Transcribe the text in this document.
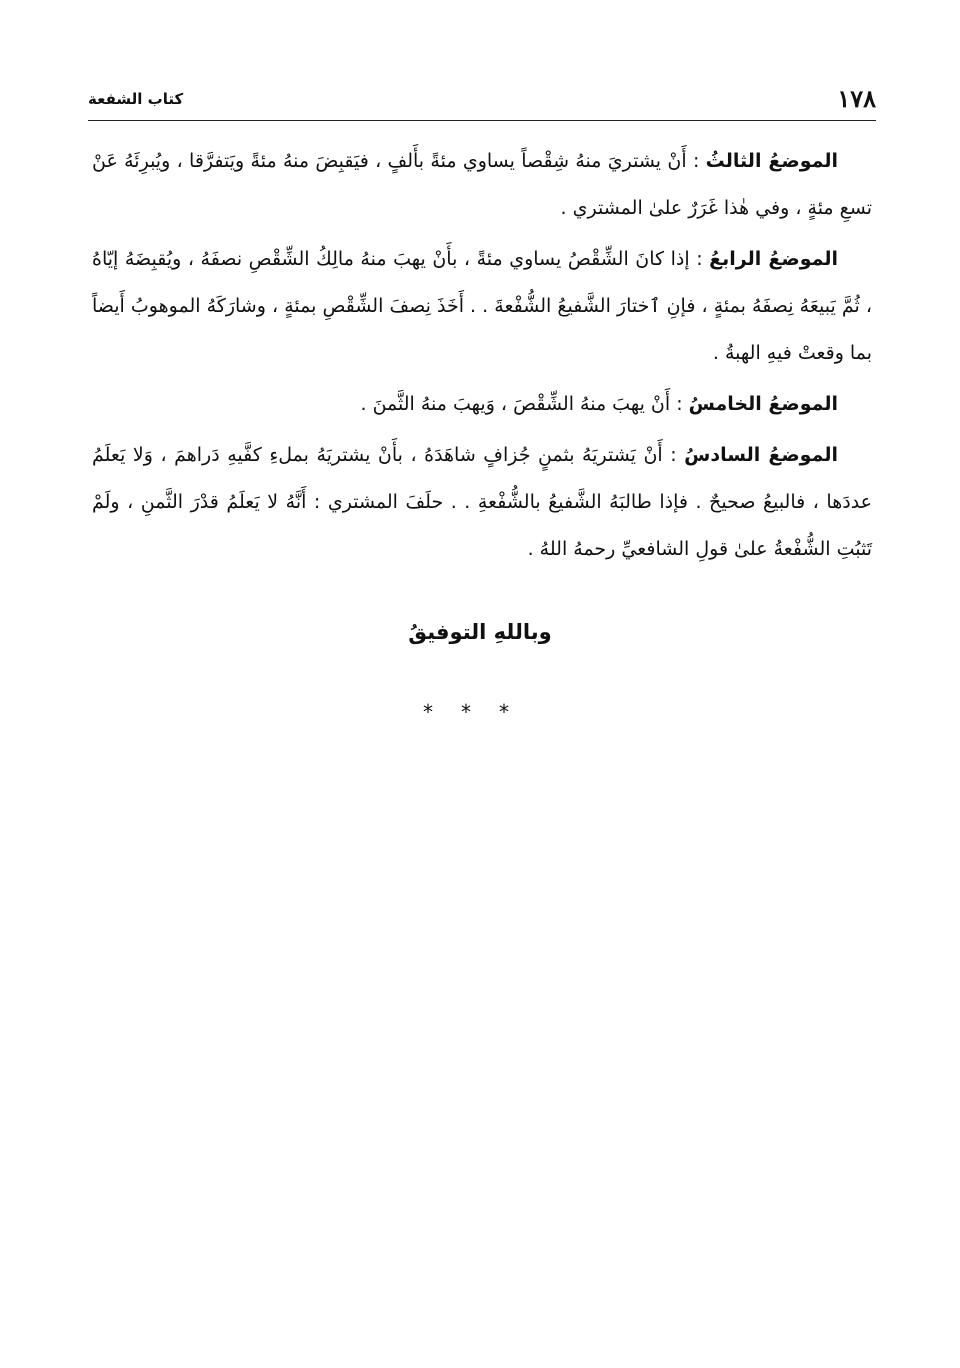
١٧٨
كتاب الشفعة

الموضعُ الثالثُ : أَنْ يشتريَ منهُ شِقْصاً يساوي مئةً بأَلفٍ ، فيَقبِضَ منهُ مئةً ويَتفرَّقا ، ويُبرِئَهُ عَنْ تسعِ مئةٍ ، وفي هٰذا غَرَرٌ علىٰ المشتري .

الموضعُ الرابعُ : إذا كانَ الشِّقْصُ يساوي مئةً ، بأَنْ يهبَ منهُ مالِكُ الشِّقْصِ نصفَهُ ، ويُقبِضَهُ إيّاهُ ، ثُمَّ يَبيعَهُ نِصفَهُ بمئةٍ ، فإنِ ٱختارَ الشَّفيعُ الشُّفْعةَ . . أَخَذَ نِصفَ الشِّقْصِ بمئةٍ ، وشارَكَهُ الموهوبُ أَيضاً بما وقعتْ فيهِ الهبةُ .

الموضعُ الخامسُ : أَنْ يهبَ منهُ الشِّقْصَ ، وَيهبَ منهُ الثَّمنَ .

الموضعُ السادسُ : أَنْ يَشتريَهُ بثمنٍ جُزافٍ شاهَدَهُ ، بأَنْ يشتريَهُ بملءِ كفَّيهِ دَراهمَ ، وَلا يَعلَمُ عددَها ، فالبيعُ صحيحٌ . فإذا طالبَهُ الشَّفيعُ بالشُّفْعةِ . . حلَفَ المشتري : أَنَّهُ لا يَعلَمُ قدْرَ الثَّمنِ ، ولَمْ تَثبُتِ الشُّفْعةُ علىٰ قولِ الشافعيِّ رحمهُ اللهُ .

وباللهِ التوفيقُ
***
